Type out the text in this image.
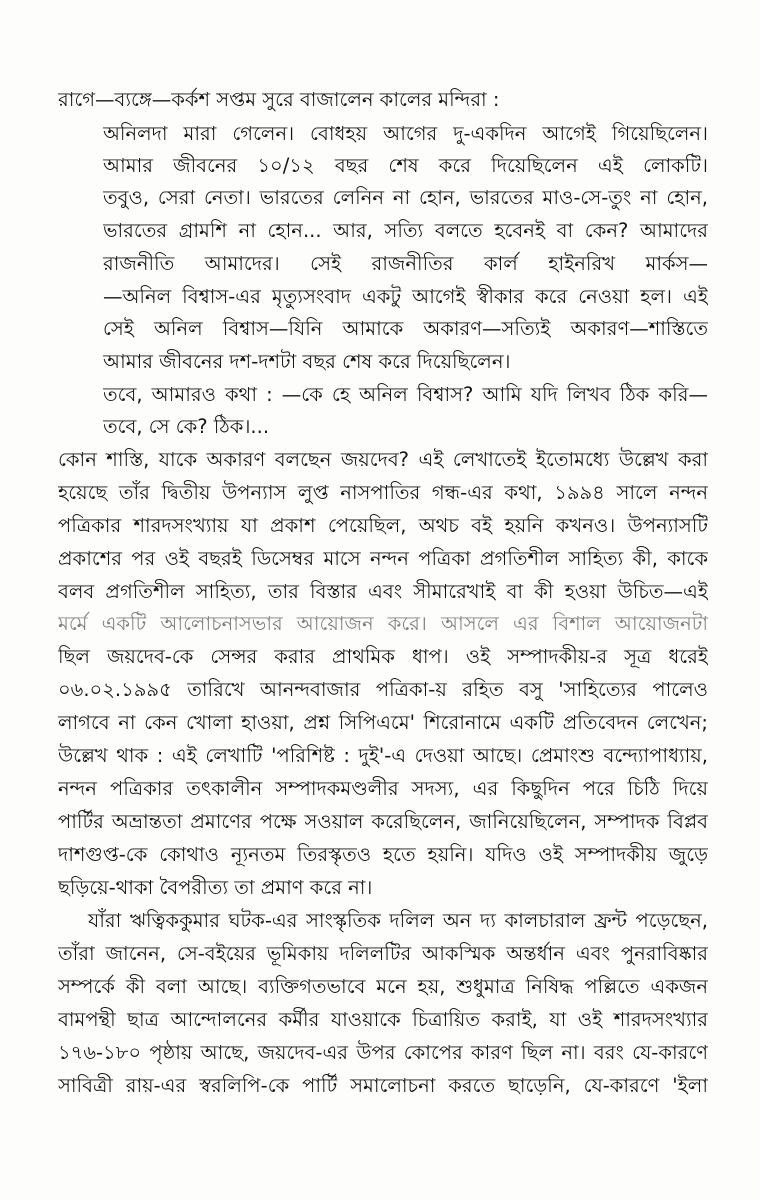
রাগে—ব্যঙ্গে—কর্কশ সপ্তম সুরে বাজালেন কালের মন্দিরা :

অনিলদা মারা গেলেন। বোধহয় আগের দু-একদিন আগেই গিয়েছিলেন।

আমার জীবনের ১০/১২ বছর শেষ করে দিয়েছিলেন এই লোকটি।

তবুও, সেরা নেতা। ভারতের লেনিন না হোন, ভারতের মাও-সে-তুং না হোন,

ভারতের গ্রামশি না হোন... আর, সত্যি বলতে হবেনই বা কেন? আমাদের

রাজনীতি আমাদের। সেই রাজনীতির কার্ল হাইনরিখ মার্কস—

—অনিল বিশ্বাস-এর মৃত্যুসংবাদ একটু আগেই স্বীকার করে নেওয়া হল। এই

সেই অনিল বিশ্বাস—যিনি আমাকে অকারণ—সত্যিই অকারণ—শাস্তিতে

আমার জীবনের দশ-দশটা বছর শেষ করে দিয়েছিলেন।

তবে, আমারও কথা : —কে হে অনিল বিশ্বাস? আমি যদি লিখব ঠিক করি—

তবে, সে কে? ঠিক।...

কোন শাস্তি, যাকে অকারণ বলছেন জয়দেব? এই লেখাতেই ইতোমধ্যে উল্লেখ করা

হয়েছে তাঁর দ্বিতীয় উপন্যাস লুপ্ত নাসপাতির গন্ধ-এর কথা, ১৯৯৪ সালে নন্দন

পত্রিকার শারদসংখ্যায় যা প্রকাশ পেয়েছিল, অথচ বই হয়নি কখনও। উপন্যাসটি

প্রকাশের পর ওই বছরই ডিসেম্বর মাসে নন্দন পত্রিকা প্রগতিশীল সাহিত্য কী, কাকে

বলব প্রগতিশীল সাহিত্য, তার বিস্তার এবং সীমারেখাই বা কী হওয়া উচিত—এই

মর্মে একটি আলোচনাসভার আয়োজন করে। আসলে এর বিশাল আয়োজনটা

ছিল জয়দেব-কে সেন্সর করার প্রাথমিক ধাপ। ওই সম্পাদকীয়-র সূত্র ধরেই

০৬.০২.১৯৯৫ তারিখে আনন্দবাজার পত্রিকা-য় রহিত বসু 'সাহিত্যের পালেও

লাগবে না কেন খোলা হাওয়া, প্রশ্ন সিপিএমে' শিরোনামে একটি প্রতিবেদন লেখেন;

উল্লেখ থাক : এই লেখাটি 'পরিশিষ্ট : দুই'-এ দেওয়া আছে। প্রেমাংশু বন্দ্যোপাধ্যায়,

নন্দন পত্রিকার তৎকালীন সম্পাদকমণ্ডলীর সদস্য, এর কিছুদিন পরে চিঠি দিয়ে

পার্টির অভ্রান্ততা প্রমাণের পক্ষে সওয়াল করেছিলেন, জানিয়েছিলেন, সম্পাদক বিপ্লব

দাশগুপ্ত-কে কোথাও ন্যূনতম তিরস্কৃতও হতে হয়নি। যদিও ওই সম্পাদকীয় জুড়ে

ছড়িয়ে-থাকা বৈপরীত্য তা প্রমাণ করে না।

যাঁরা ঋত্বিককুমার ঘটক-এর সাংস্কৃতিক দলিল অন দ্য কালচারাল ফ্রন্ট পড়েছেন,

তাঁরা জানেন, সে-বইয়ের ভূমিকায় দলিলটির আকস্মিক অন্তর্ধান এবং পুনরাবিষ্কার

সম্পর্কে কী বলা আছে। ব্যক্তিগতভাবে মনে হয়, শুধুমাত্র নিষিদ্ধ পল্লিতে একজন

বামপন্থী ছাত্র আন্দোলনের কর্মীর যাওয়াকে চিত্রায়িত করাই, যা ওই শারদসংখ্যার

১৭৬-১৮০ পৃষ্ঠায় আছে, জয়দেব-এর উপর কোপের কারণ ছিল না। বরং যে-কারণে

সাবিত্রী রায়-এর স্বরলিপি-কে পার্টি সমালোচনা করতে ছাড়েনি, যে-কারণে 'ইলা
